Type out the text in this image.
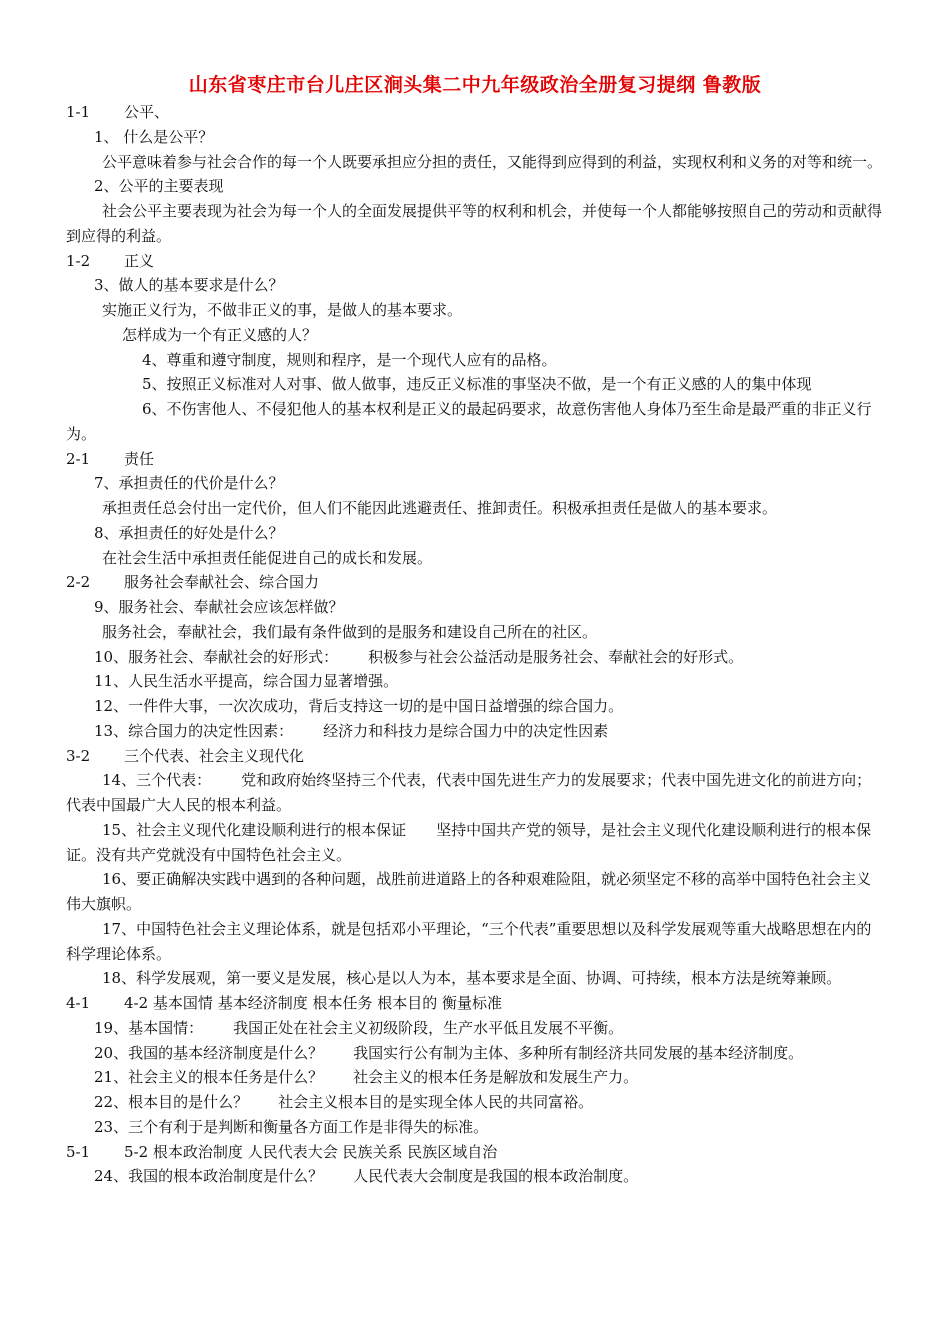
山东省枣庄市台儿庄区涧头集二中九年级政治全册复习提纲 鲁教版

1-1 公平、

1、 什么是公平？

公平意味着参与社会合作的每一个人既要承担应分担的责任，又能得到应得到的利益，实现权利和义务的对等和统一。

2、公平的主要表现

社会公平主要表现为社会为每一个人的全面发展提供平等的权利和机会，并使每一个人都能够按照自己的劳动和贡献得到应得的利益。

1-2 正义

3、做人的基本要求是什么？

实施正义行为，不做非正义的事，是做人的基本要求。

怎样成为一个有正义感的人？

4、尊重和遵守制度，规则和程序，是一个现代人应有的品格。

5、按照正义标准对人对事、做人做事，违反正义标准的事坚决不做，是一个有正义感的人的集中体现

6、不伤害他人、不侵犯他人的基本权利是正义的最起码要求，故意伤害他人身体乃至生命是最严重的非正义行为。

2-1 责任

7、承担责任的代价是什么？

承担责任总会付出一定代价，但人们不能因此逃避责任、推卸责任。积极承担责任是做人的基本要求。

8、承担责任的好处是什么？

在社会生活中承担责任能促进自己的成长和发展。

2-2 服务社会奉献社会、综合国力

9、服务社会、奉献社会应该怎样做？

服务社会，奉献社会，我们最有条件做到的是服务和建设自己所在的社区。

10、服务社会、奉献社会的好形式： 积极参与社会公益活动是服务社会、奉献社会的好形式。

11、人民生活水平提高，综合国力显著增强。

12、一件件大事，一次次成功，背后支持这一切的是中国日益增强的综合国力。

13、综合国力的决定性因素： 经济力和科技力是综合国力中的决定性因素

3-2 三个代表、社会主义现代化

14、三个代表： 党和政府始终坚持三个代表，代表中国先进生产力的发展要求；代表中国先进文化的前进方向；代表中国最广大人民的根本利益。

15、社会主义现代化建设顺利进行的根本保证 坚持中国共产党的领导，是社会主义现代化建设顺利进行的根本保证。没有共产党就没有中国特色社会主义。

16、要正确解决实践中遇到的各种问题，战胜前进道路上的各种艰难险阻，就必须坚定不移的高举中国特色社会主义伟大旗帜。

17、中国特色社会主义理论体系，就是包括邓小平理论，“三个代表”重要思想以及科学发展观等重大战略思想在内的科学理论体系。

18、科学发展观，第一要义是发展，核心是以人为本，基本要求是全面、协调、可持续，根本方法是统筹兼顾。

4-1 4-2 基本国情 基本经济制度 根本任务 根本目的 衡量标准

19、基本国情： 我国正处在社会主义初级阶段，生产水平低且发展不平衡。

20、我国的基本经济制度是什么？ 我国实行公有制为主体、多种所有制经济共同发展的基本经济制度。

21、社会主义的根本任务是什么？ 社会主义的根本任务是解放和发展生产力。

22、根本目的是什么？ 社会主义根本目的是实现全体人民的共同富裕。

23、三个有利于是判断和衡量各方面工作是非得失的标准。

5-1 5-2 根本政治制度 人民代表大会 民族关系 民族区域自治

24、我国的根本政治制度是什么？ 人民代表大会制度是我国的根本政治制度。
